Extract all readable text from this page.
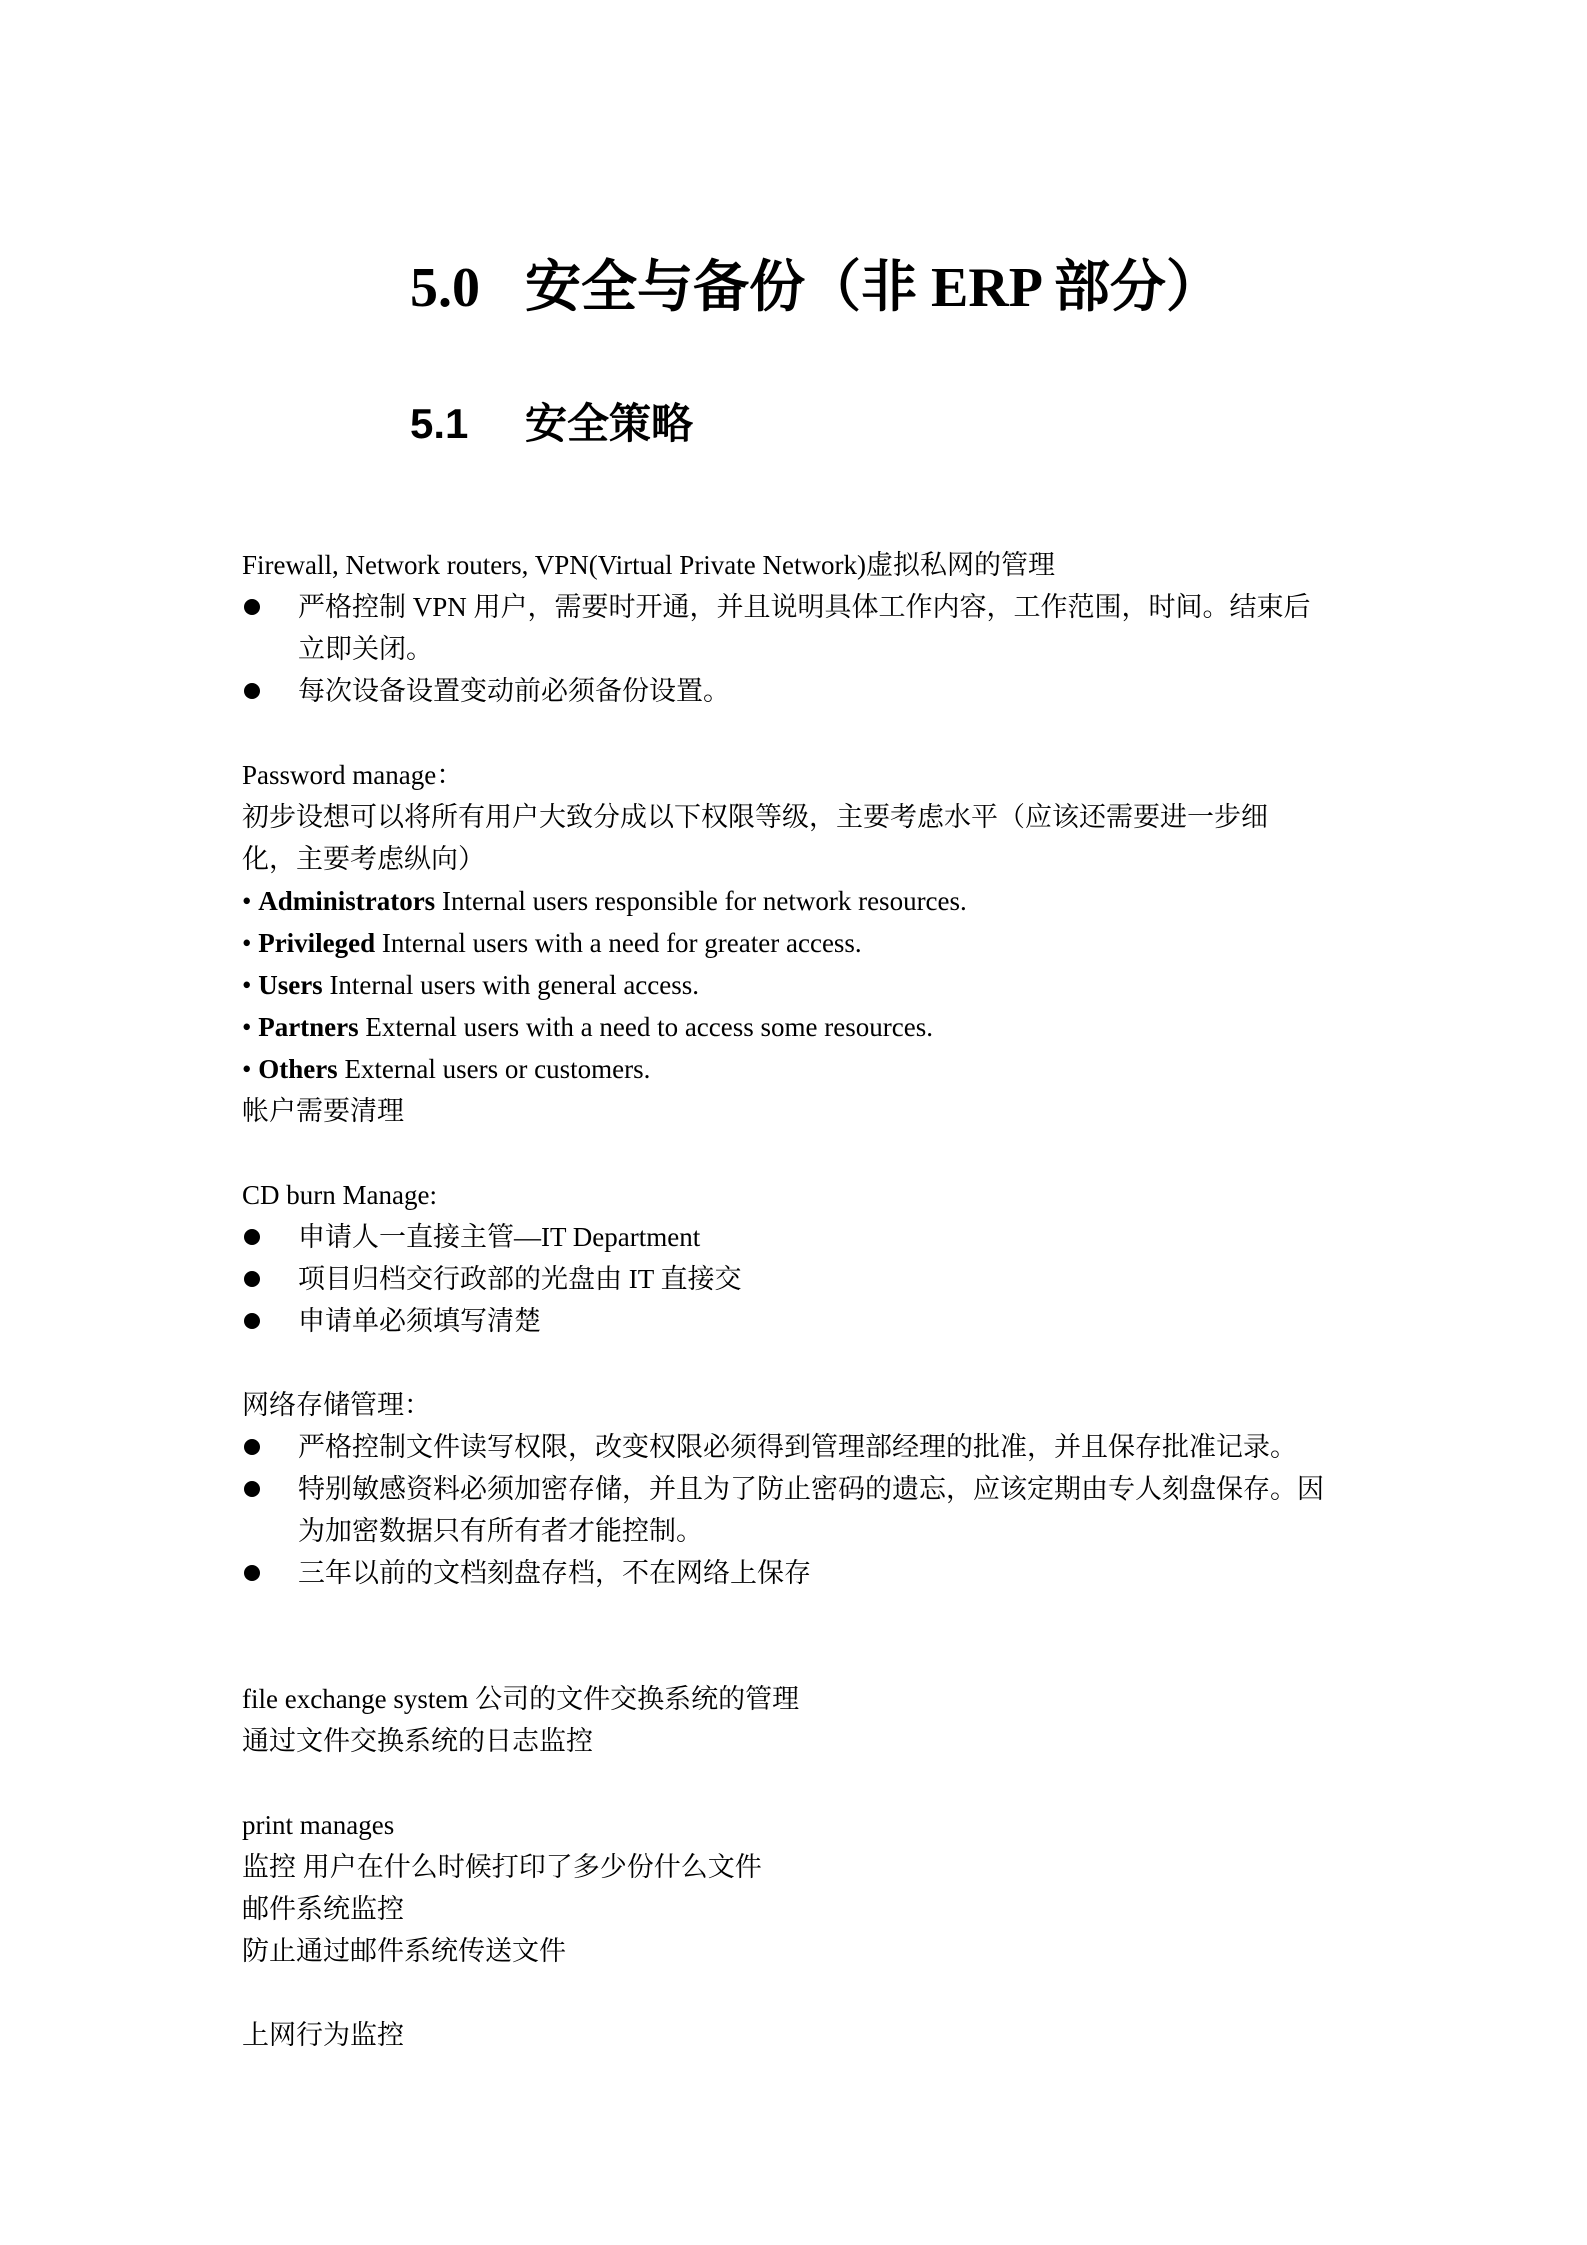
5.0 安全与备份（非 ERP 部分）
5.1 安全策略
Firewall, Network routers, VPN(Virtual Private Network)虚拟私网的管理
严格控制 VPN 用户，需要时开通，并且说明具体工作内容，工作范围，时间。结束后
立即关闭。
每次设备设置变动前必须备份设置。
Password manage：
初步设想可以将所有用户大致分成以下权限等级，主要考虑水平（应该还需要进一步细
化，主要考虑纵向）
• Administrators Internal users responsible for network resources.
• Privileged Internal users with a need for greater access.
• Users Internal users with general access.
• Partners External users with a need to access some resources.
• Others External users or customers.
帐户需要清理
CD burn Manage:
申请人一直接主管—IT Department
项目归档交行政部的光盘由 IT 直接交
申请单必须填写清楚
网络存储管理：
严格控制文件读写权限，改变权限必须得到管理部经理的批准，并且保存批准记录。
特别敏感资料必须加密存储，并且为了防止密码的遗忘，应该定期由专人刻盘保存。因
为加密数据只有所有者才能控制。
三年以前的文档刻盘存档，不在网络上保存
file exchange system 公司的文件交换系统的管理
通过文件交换系统的日志监控
print manages
监控 用户在什么时候打印了多少份什么文件
邮件系统监控
防止通过邮件系统传送文件
上网行为监控
